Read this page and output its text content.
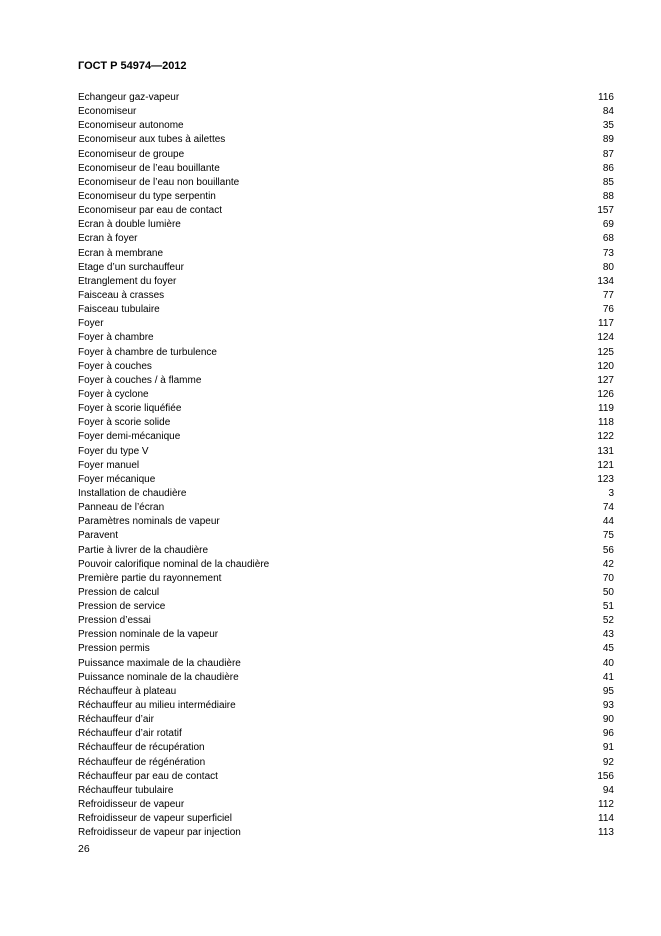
ГОСТ Р 54974—2012
Echangeur gaz-vapeur	116
Economiseur	84
Economiseur autonome	35
Economiseur aux tubes à ailettes	89
Economiseur de groupe	87
Economiseur de l’eau bouillante	86
Economiseur de l’eau non bouillante	85
Economiseur du type serpentin	88
Economiseur par eau de contact	157
Ecran à double lumière	69
Ecran à foyer	68
Ecran à membrane	73
Etage d’un surchauffeur	80
Etranglement du foyer	134
Faisceau à crasses	77
Faisceau tubulaire	76
Foyer	117
Foyer à chambre	124
Foyer à chambre de turbulence	125
Foyer à couches	120
Foyer à couches / à flamme	127
Foyer à cyclone	126
Foyer à scorie liquéfiée	119
Foyer à scorie solide	118
Foyer demi-mécanique	122
Foyer du type V	131
Foyer manuel	121
Foyer mécanique	123
Installation de chaudière	3
Panneau de l’écran	74
Paramètres nominals de vapeur	44
Paravent	75
Partie à livrer de la chaudière	56
Pouvoir calorifique nominal de la chaudière	42
Première partie du rayonnement	70
Pression de calcul	50
Pression de service	51
Pression d’essai	52
Pression nominale de la vapeur	43
Pression permis	45
Puissance maximale de la chaudière	40
Puissance nominale de la chaudière	41
Réchauffeur à plateau	95
Réchauffeur au milieu intermédiaire	93
Réchauffeur d’air	90
Réchauffeur d’air rotatif	96
Réchauffeur de récupération	91
Réchauffeur de régénération	92
Réchauffeur par eau de contact	156
Réchauffeur tubulaire	94
Refroidisseur de vapeur	112
Refroidisseur de vapeur superficiel	114
Refroidisseur de vapeur par injection	113
26
